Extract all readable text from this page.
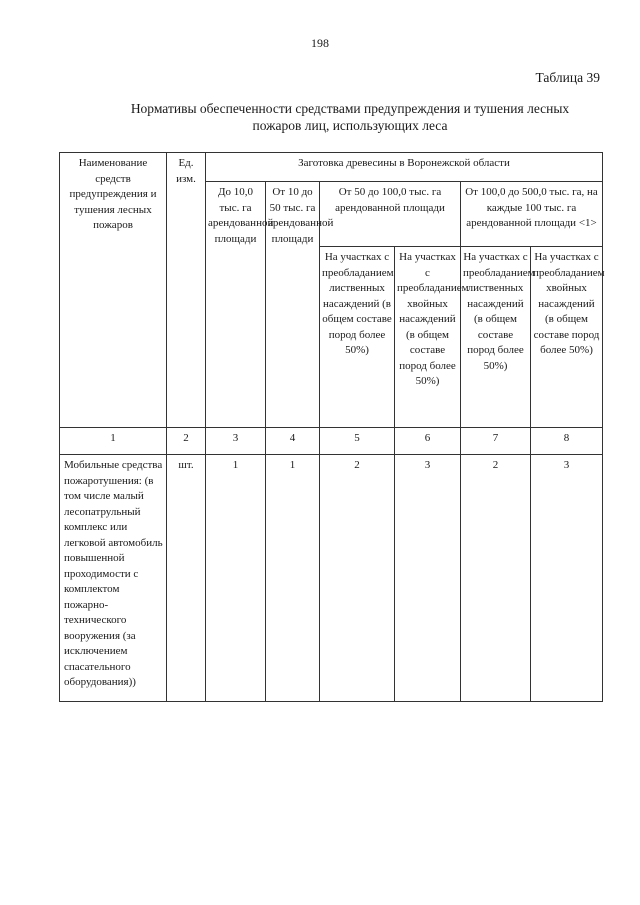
198
Таблица 39
Нормативы обеспеченности средствами предупреждения и тушения лесных
пожаров лиц, использующих леса
Наименование средств предупреждения и тушения лесных пожаров	Ед. изм.	Заготовка древесины в Воронежской области					
		До 10,0 тыс. га арендованной площади	От 10 до 50 тыс. га арендованной площади	От 50 до 100,0 тыс. га арендованной площади		От 100,0 до 500,0 тыс. га, на каждые 100 тыс. га арендованной площади <1>	
				На участках с преобладанием лиственных насаждений (в общем составе пород более 50%)	На участках с преобладанием хвойных насаждений (в общем составе пород более 50%)	На участках с преобладанием лиственных насаждений (в общем составе пород более 50%)	На участках с преобладанием хвойных насаждений (в общем составе пород более 50%)
1	2	3	4	5	6	7	8
Мобильные средства пожаротушения: (в том числе малый лесопатрульный комплекс или легковой автомобиль повышенной проходимости с комплектом пожарно-технического вооружения (за исключением спасательного оборудования))	шт.	1	1	2	3	2	3
